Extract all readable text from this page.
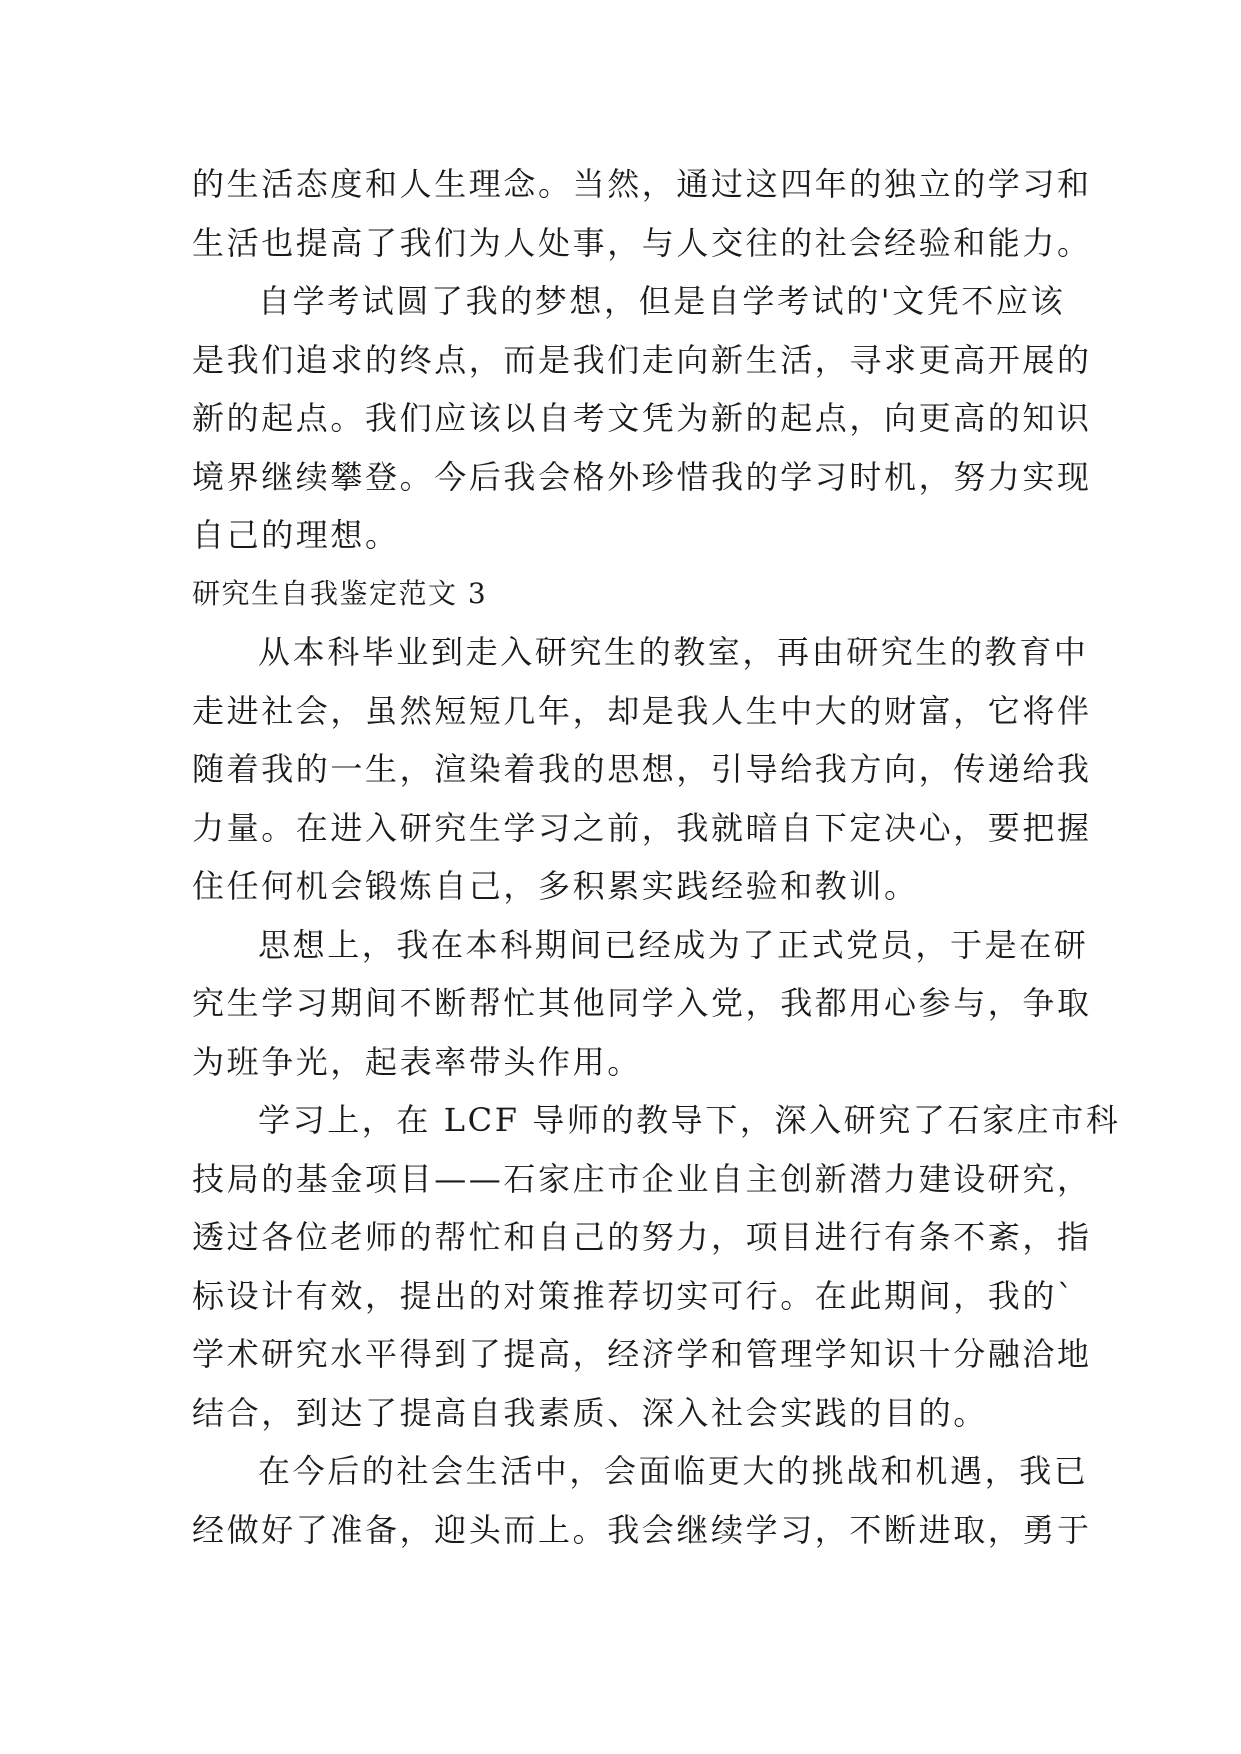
的生活态度和人生理念。当然，通过这四年的独立的学习和
生活也提高了我们为人处事，与人交往的社会经验和能力。
自学考试圆了我的梦想，但是自学考试的'文凭不应该
是我们追求的终点，而是我们走向新生活，寻求更高开展的
新的起点。我们应该以自考文凭为新的起点，向更高的知识
境界继续攀登。今后我会格外珍惜我的学习时机，努力实现
自己的理想。
研究生自我鉴定范文 3
从本科毕业到走入研究生的教室，再由研究生的教育中
走进社会，虽然短短几年，却是我人生中大的财富，它将伴
随着我的一生，渲染着我的思想，引导给我方向，传递给我
力量。在进入研究生学习之前，我就暗自下定决心，要把握
住任何机会锻炼自己，多积累实践经验和教训。
思想上，我在本科期间已经成为了正式党员，于是在研
究生学习期间不断帮忙其他同学入党，我都用心参与，争取
为班争光，起表率带头作用。
学习上，在 LCF 导师的教导下，深入研究了石家庄市科
技局的基金项目——石家庄市企业自主创新潜力建设研究，
透过各位老师的帮忙和自己的努力，项目进行有条不紊，指
标设计有效，提出的对策推荐切实可行。在此期间，我的`
学术研究水平得到了提高，经济学和管理学知识十分融洽地
结合，到达了提高自我素质、深入社会实践的目的。
在今后的社会生活中，会面临更大的挑战和机遇，我已
经做好了准备，迎头而上。我会继续学习，不断进取，勇于
